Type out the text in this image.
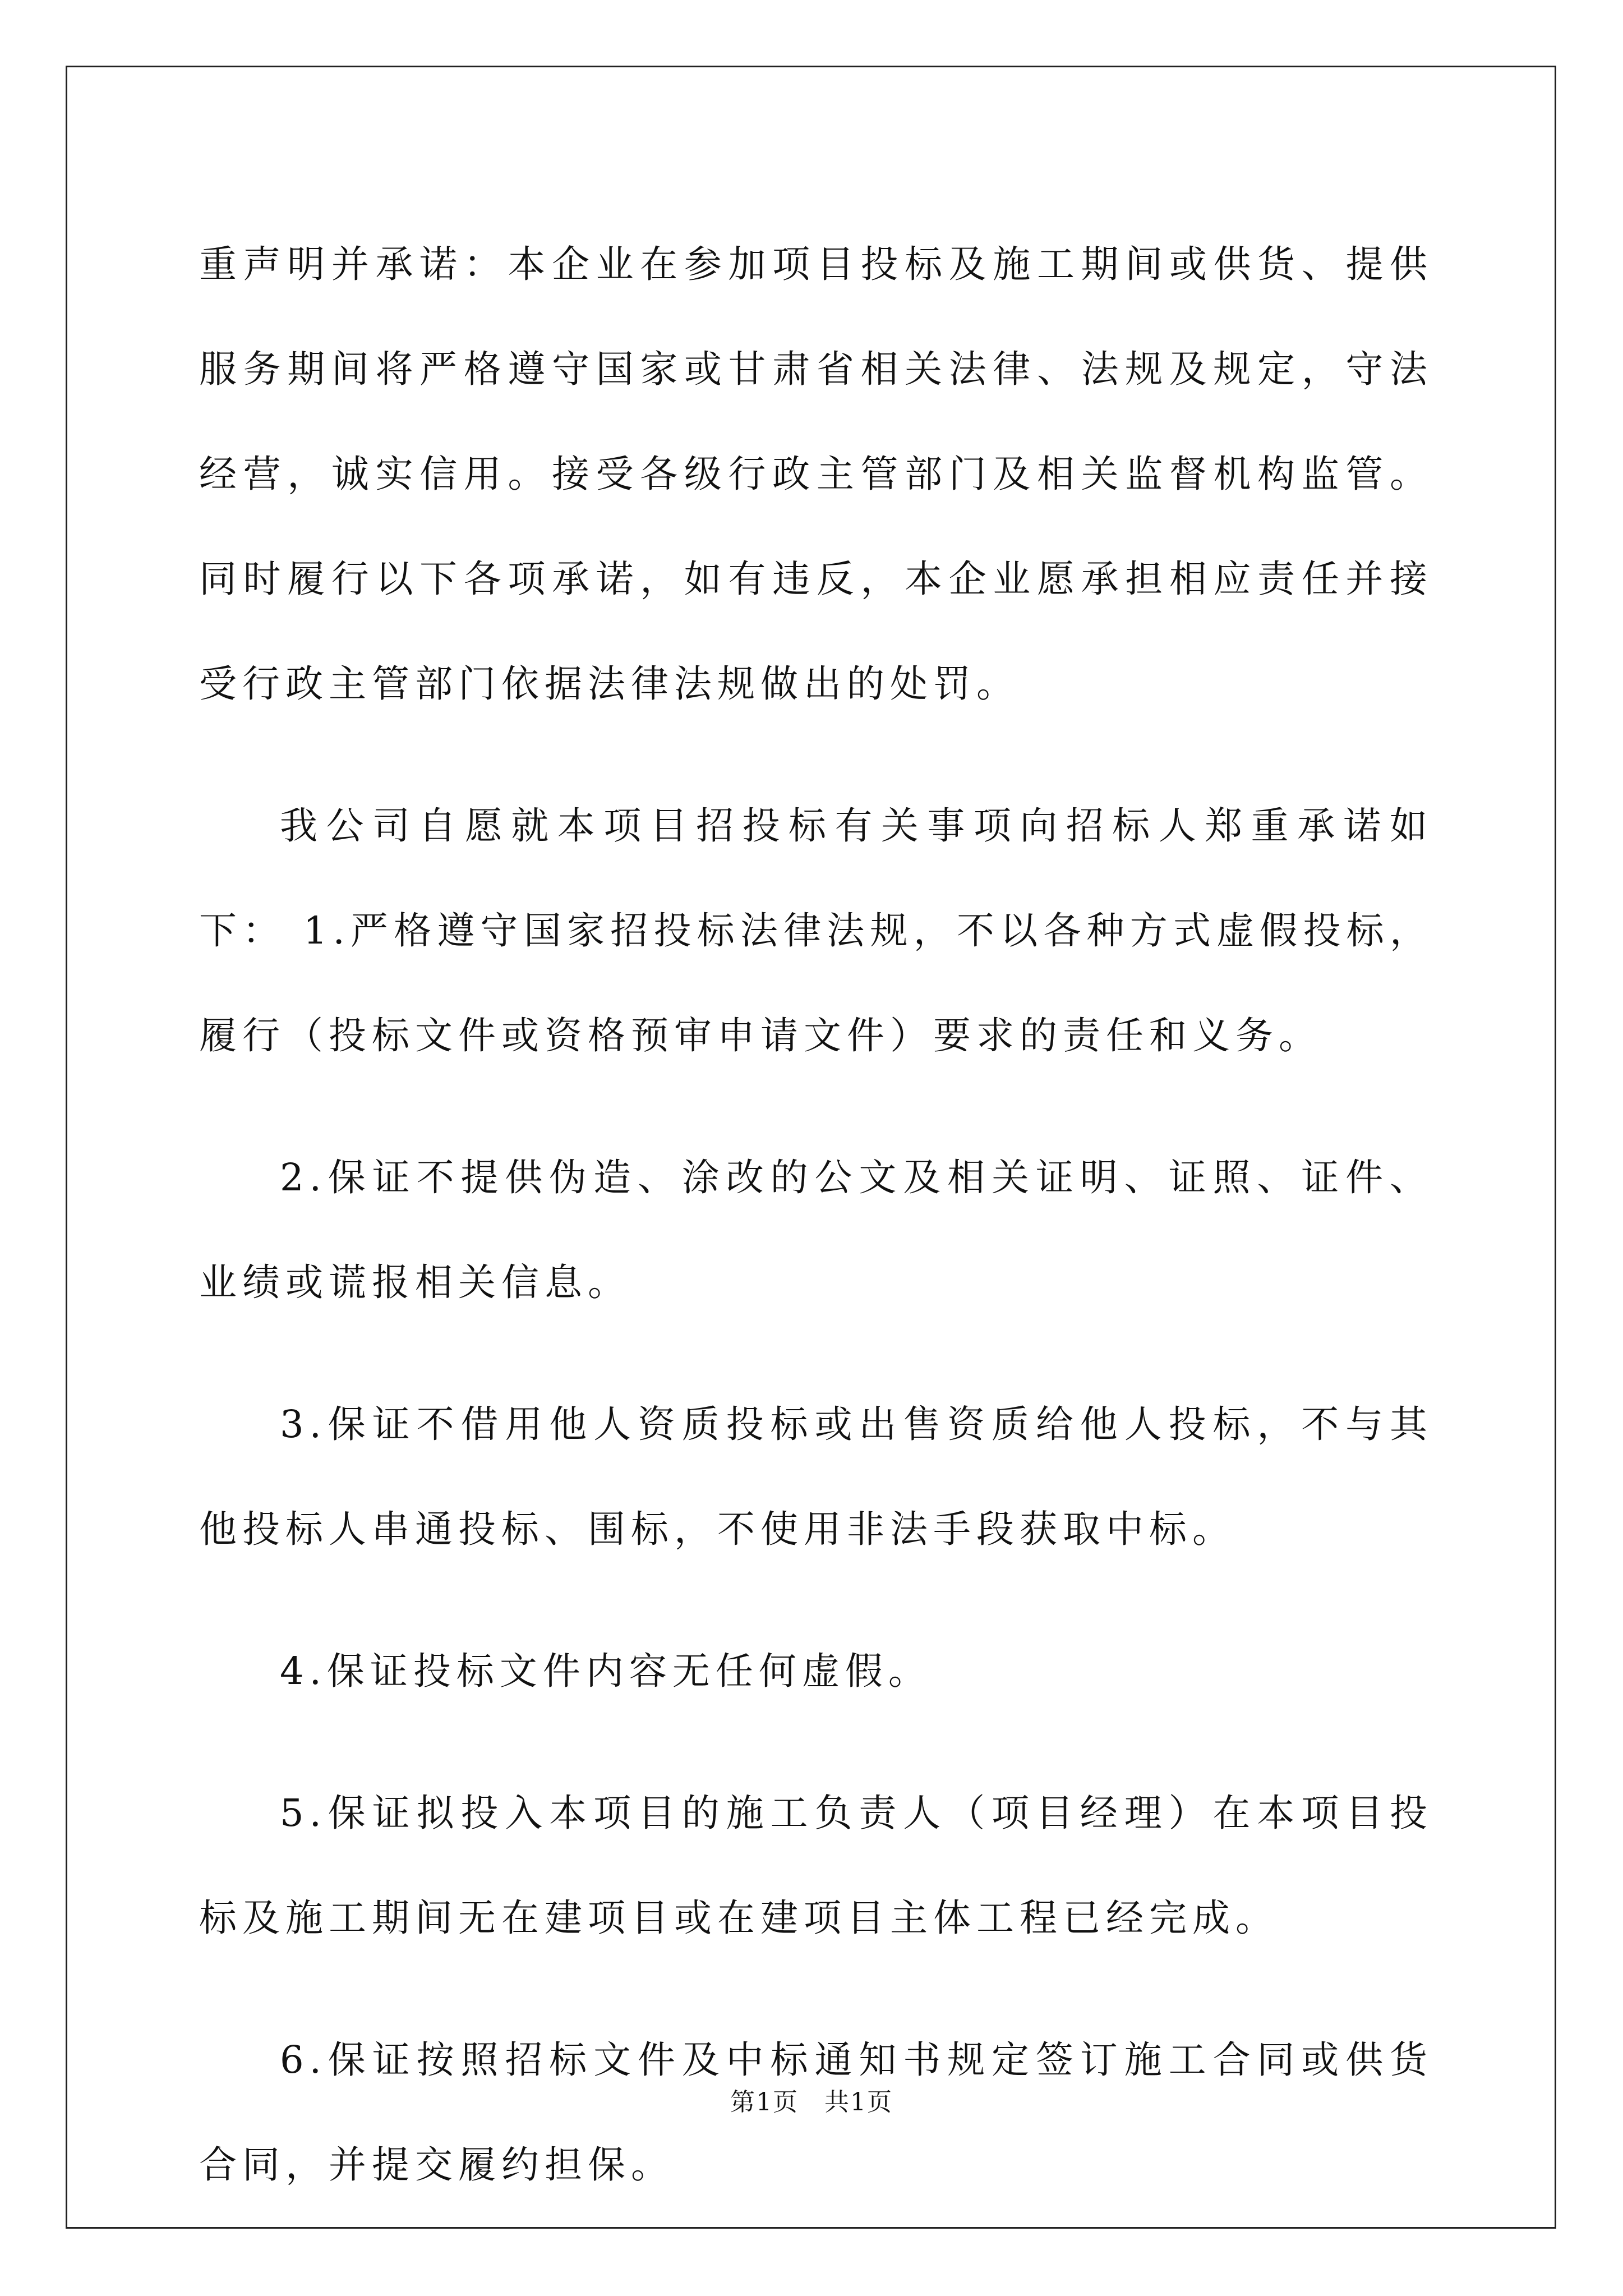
重声明并承诺：本企业在参加项目投标及施工期间或供货、提供服务期间将严格遵守国家或甘肃省相关法律、法规及规定，守法经营，诚实信用。接受各级行政主管部门及相关监督机构监管。同时履行以下各项承诺，如有违反，本企业愿承担相应责任并接受行政主管部门依据法律法规做出的处罚。

我公司自愿就本项目招投标有关事项向招标人郑重承诺如下： 1.严格遵守国家招投标法律法规，不以各种方式虚假投标，履行（投标文件或资格预审申请文件）要求的责任和义务。

2.保证不提供伪造、涂改的公文及相关证明、证照、证件、业绩或谎报相关信息。

3.保证不借用他人资质投标或出售资质给他人投标，不与其他投标人串通投标、围标，不使用非法手段获取中标。

4.保证投标文件内容无任何虚假。

5.保证拟投入本项目的施工负责人（项目经理）在本项目投标及施工期间无在建项目或在建项目主体工程已经完成。

6.保证按照招标文件及中标通知书规定签订施工合同或供货合同，并提交履约担保。

第1页　共1页
